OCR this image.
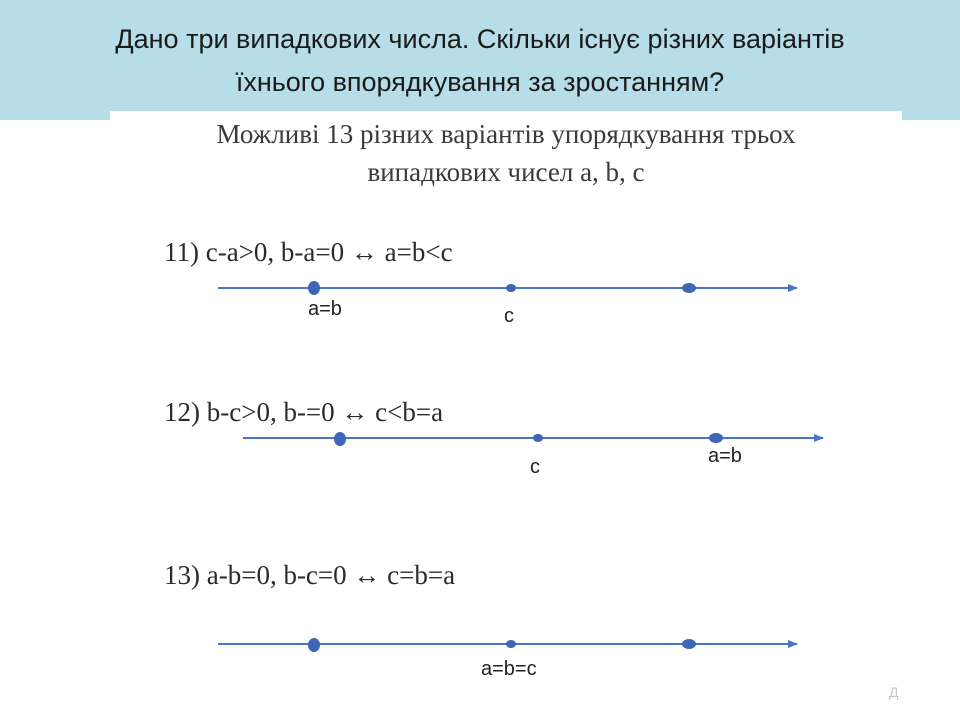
Дано три випадкових числа. Скільки існує різних варіантів
їхнього впорядкування за зростанням?
Можливі 13 різних варіантів упорядкування трьох
випадкових чисел a, b, c
11) c-a>0, b-a=0 ↔ a=b<c
12) b-c>0, b-=0 ↔ c<b=a
13) a-b=0, b-c=0 ↔ c=b=a
a=b	c
c	a=b
a=b=c
Д
